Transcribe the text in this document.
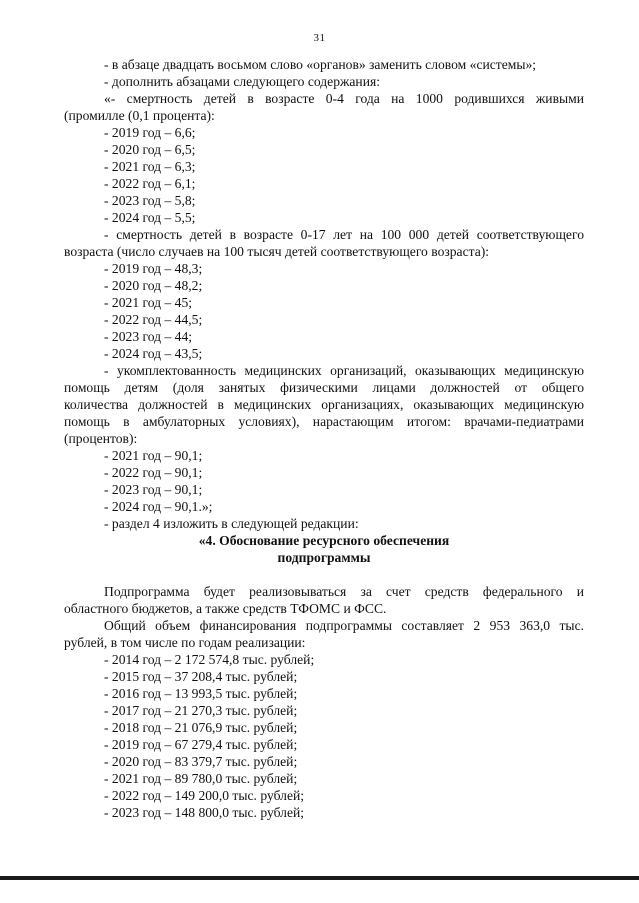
31
- в абзаце двадцать восьмом слово «органов» заменить словом «системы»;
- дополнить абзацами следующего содержания:
«- смертность детей в возрасте 0-4 года на 1000 родившихся живыми
(промилле (0,1 процента):
- 2019 год – 6,6;
- 2020 год – 6,5;
- 2021 год – 6,3;
- 2022 год – 6,1;
- 2023 год – 5,8;
- 2024 год – 5,5;
- смертность детей в возрасте 0-17 лет на 100 000 детей соответствующего
возраста (число случаев на 100 тысяч детей соответствующего возраста):
- 2019 год – 48,3;
- 2020 год – 48,2;
- 2021 год – 45;
- 2022 год – 44,5;
- 2023 год – 44;
- 2024 год – 43,5;
- укомплектованность медицинских организаций, оказывающих медицинскую
помощь детям (доля занятых физическими лицами должностей от общего
количества должностей в медицинских организациях, оказывающих медицинскую
помощь в амбулаторных условиях), нарастающим итогом: врачами-педиатрами
(процентов):
- 2021 год – 90,1;
- 2022 год – 90,1;
- 2023 год – 90,1;
- 2024 год – 90,1.»;
- раздел 4 изложить в следующей редакции:
«4. Обоснование ресурсного обеспечения
подпрограммы
Подпрограмма будет реализовываться за счет средств федерального и
областного бюджетов, а также средств ТФОМС и ФСС.
Общий объем финансирования подпрограммы составляет 2 953 363,0 тыс.
рублей, в том числе по годам реализации:
- 2014 год – 2 172 574,8 тыс. рублей;
- 2015 год – 37 208,4 тыс. рублей;
- 2016 год – 13 993,5 тыс. рублей;
- 2017 год – 21 270,3 тыс. рублей;
- 2018 год – 21 076,9 тыс. рублей;
- 2019 год – 67 279,4 тыс. рублей;
- 2020 год – 83 379,7 тыс. рублей;
- 2021 год – 89 780,0 тыс. рублей;
- 2022 год – 149 200,0 тыс. рублей;
- 2023 год – 148 800,0 тыс. рублей;
